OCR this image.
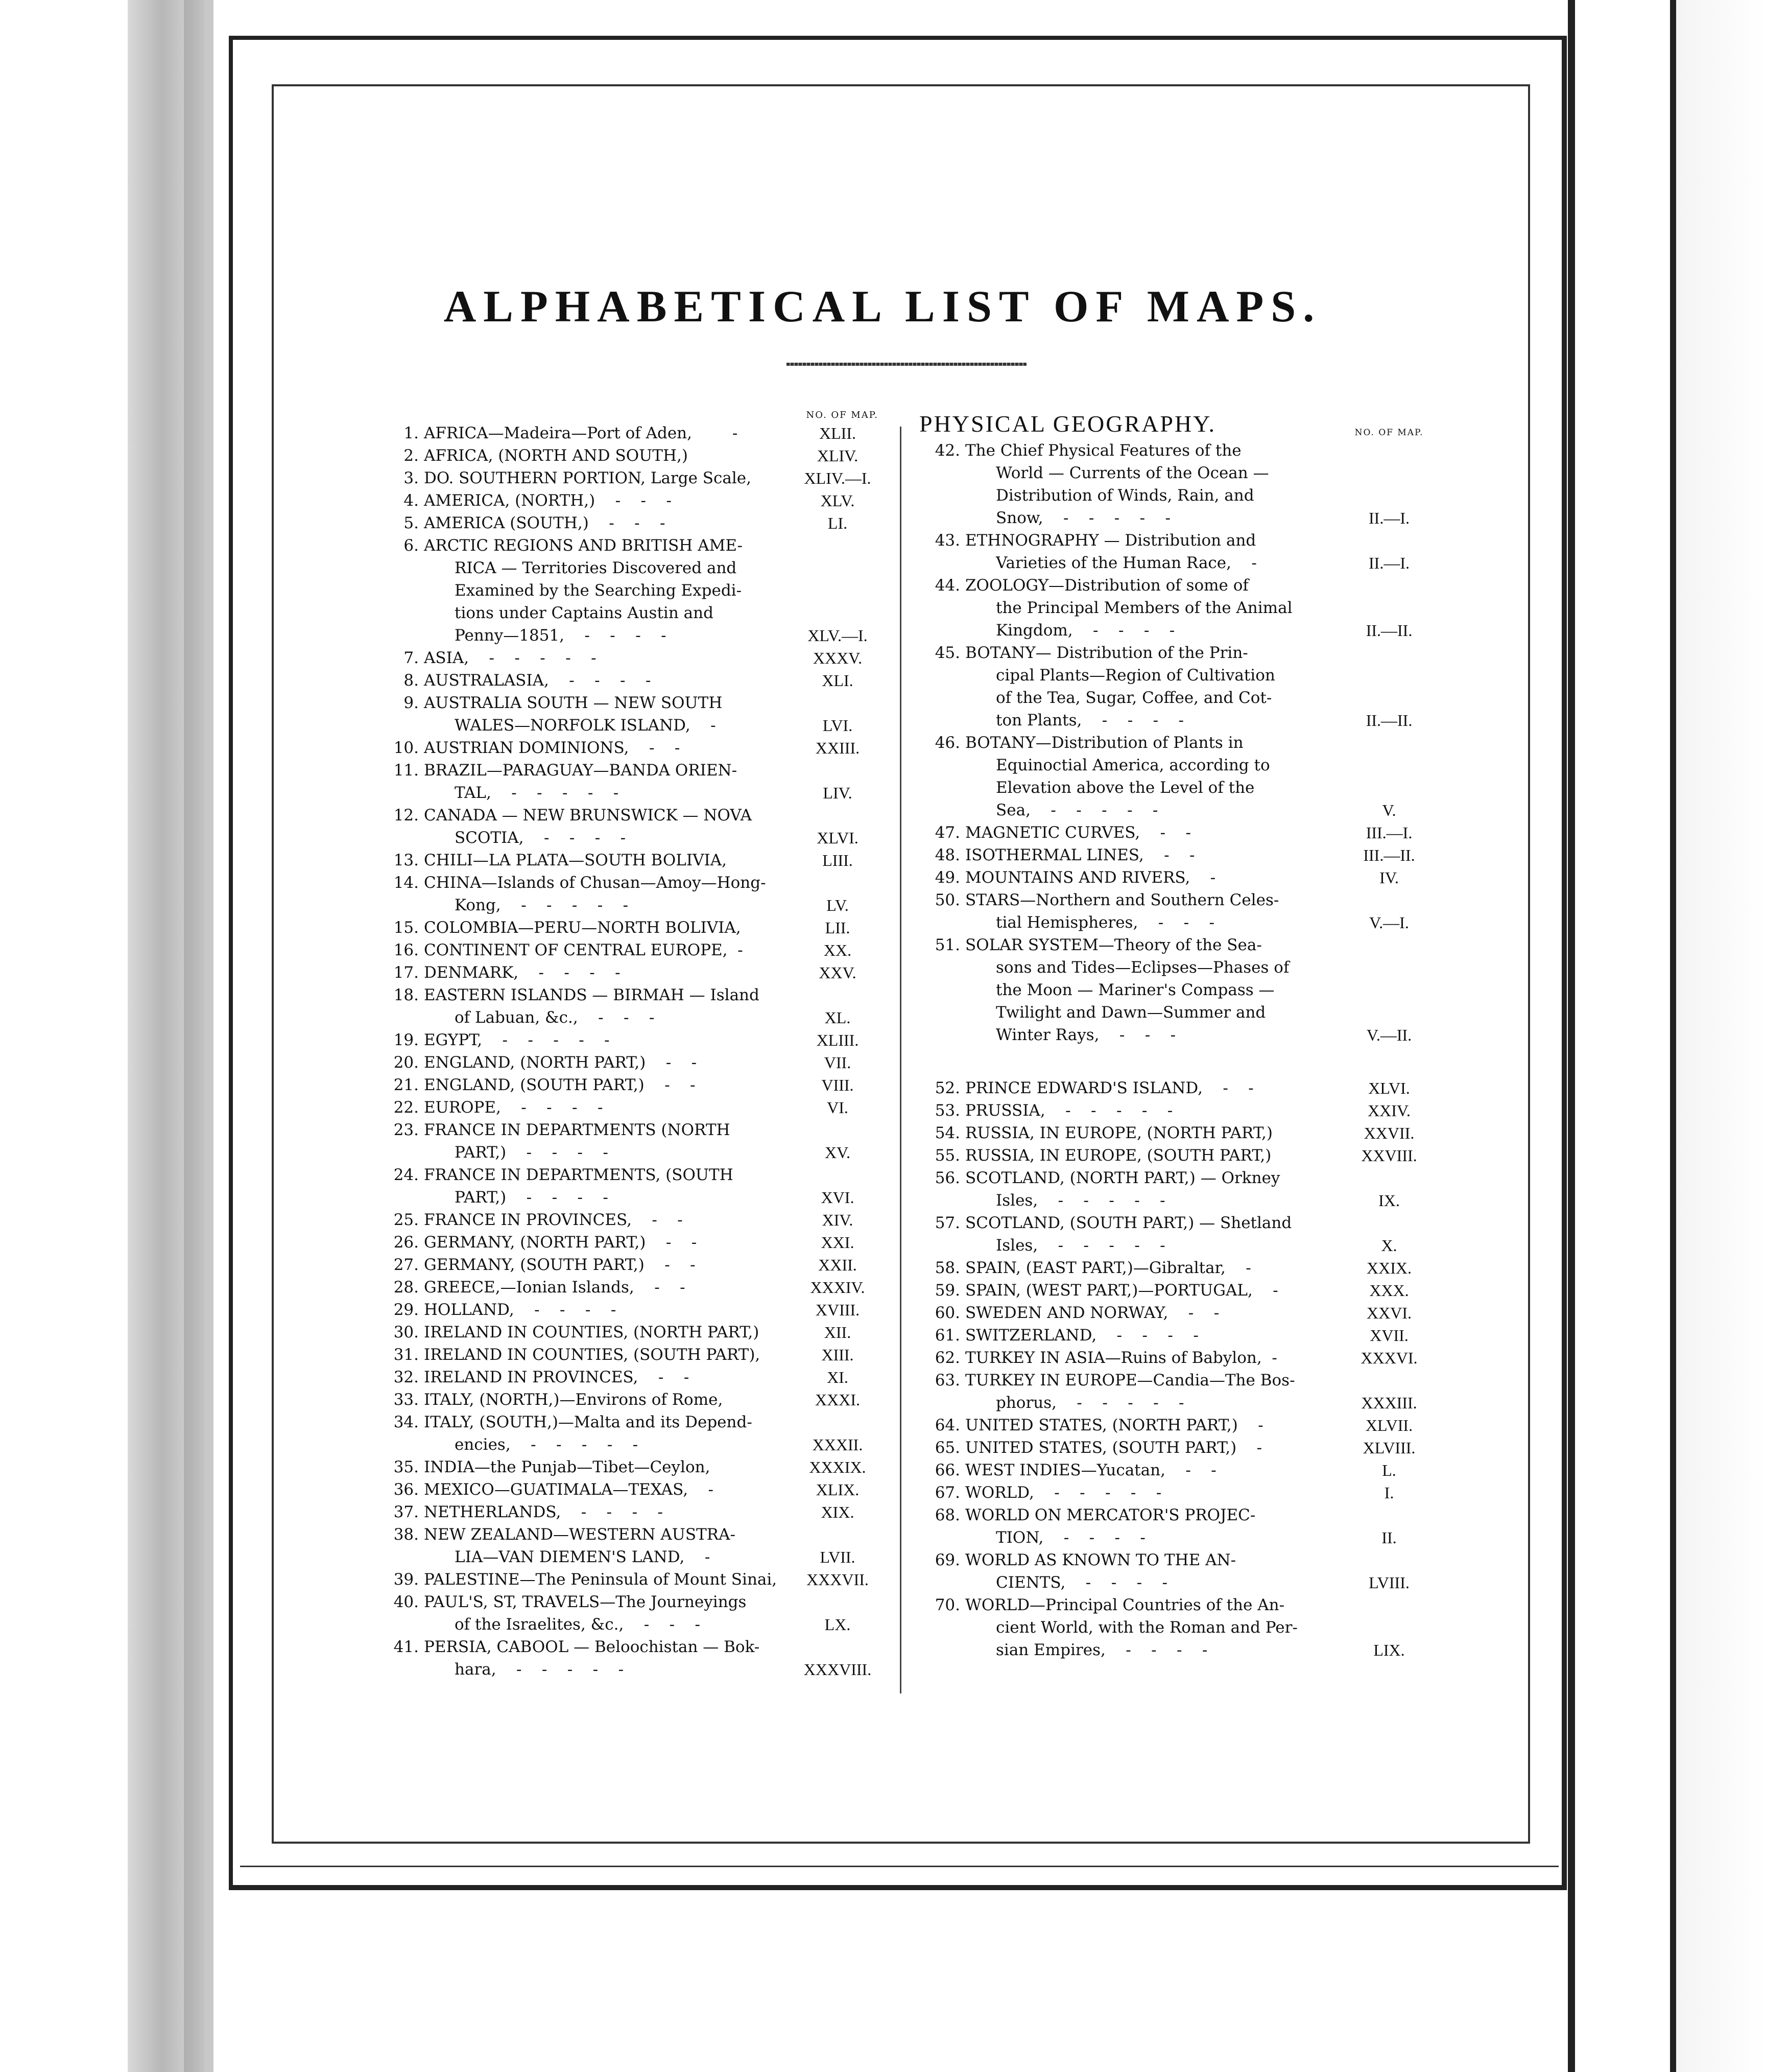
ALPHABETICAL LIST OF MAPS.
NO. OF MAP.
1. AFRICA—Madeira—Port of Aden,        -	XLII.
2. AFRICA, (NORTH AND SOUTH,)	XLIV.
3. DO. SOUTHERN PORTION, Large Scale,	XLIV.—I.
4. AMERICA, (NORTH,)    -    -    -	XLV.
5. AMERICA (SOUTH,)    -    -    -	LI.
6. ARCTIC REGIONS AND BRITISH AME-
RICA — Territories Discovered and
Examined by the Searching Expedi-
tions under Captains Austin and
Penny—1851,    -    -    -    -	XLV.—I.
7. ASIA,    -    -    -    -    -	XXXV.
8. AUSTRALASIA,    -    -    -    -	XLI.
9. AUSTRALIA SOUTH — NEW SOUTH
WALES—NORFOLK ISLAND,    -	LVI.
10. AUSTRIAN DOMINIONS,    -    -	XXIII.
11. BRAZIL—PARAGUAY—BANDA ORIEN-
TAL,    -    -    -    -    -	LIV.
12. CANADA — NEW BRUNSWICK — NOVA
SCOTIA,    -    -    -    -	XLVI.
13. CHILI—LA PLATA—SOUTH BOLIVIA,	LIII.
14. CHINA—Islands of Chusan—Amoy—Hong-
Kong,    -    -    -    -    -	LV.
15. COLOMBIA—PERU—NORTH BOLIVIA,	LII.
16. CONTINENT OF CENTRAL EUROPE,  -	XX.
17. DENMARK,    -    -    -    -	XXV.
18. EASTERN ISLANDS — BIRMAH — Island
of Labuan, &c.,    -    -    -	XL.
19. EGYPT,    -    -    -    -    -	XLIII.
20. ENGLAND, (NORTH PART,)    -    -	VII.
21. ENGLAND, (SOUTH PART,)    -    -	VIII.
22. EUROPE,    -    -    -    -	VI.
23. FRANCE IN DEPARTMENTS (NORTH
PART,)    -    -    -    -	XV.
24. FRANCE IN DEPARTMENTS, (SOUTH
PART,)    -    -    -    -	XVI.
25. FRANCE IN PROVINCES,    -    -	XIV.
26. GERMANY, (NORTH PART,)    -    -	XXI.
27. GERMANY, (SOUTH PART,)    -    -	XXII.
28. GREECE,—Ionian Islands,    -    -	XXXIV.
29. HOLLAND,    -    -    -    -	XVIII.
30. IRELAND IN COUNTIES, (NORTH PART,)	XII.
31. IRELAND IN COUNTIES, (SOUTH PART),	XIII.
32. IRELAND IN PROVINCES,    -    -	XI.
33. ITALY, (NORTH,)—Environs of Rome,	XXXI.
34. ITALY, (SOUTH,)—Malta and its Depend-
encies,    -    -    -    -    -	XXXII.
35. INDIA—the Punjab—Tibet—Ceylon,	XXXIX.
36. MEXICO—GUATIMALA—TEXAS,    -	XLIX.
37. NETHERLANDS,    -    -    -    -	XIX.
38. NEW ZEALAND—WESTERN AUSTRA-
LIA—VAN DIEMEN'S LAND,    -	LVII.
39. PALESTINE—The Peninsula of Mount Sinai,	XXXVII.
40. PAUL'S, ST, TRAVELS—The Journeyings
of the Israelites, &c.,    -    -    -	LX.
41. PERSIA, CABOOL — Beloochistan — Bok-
hara,    -    -    -    -    -	XXXVIII.
PHYSICAL GEOGRAPHY.	NO. OF MAP.
42. The Chief Physical Features of the
World — Currents of the Ocean —
Distribution of Winds, Rain, and
Snow,    -    -    -    -    -	II.—I.
43. ETHNOGRAPHY — Distribution and
Varieties of the Human Race,    -	II.—I.
44. ZOOLOGY—Distribution of some of
the Principal Members of the Animal
Kingdom,    -    -    -    -	II.—II.
45. BOTANY— Distribution of the Prin-
cipal Plants—Region of Cultivation
of the Tea, Sugar, Coffee, and Cot-
ton Plants,    -    -    -    -	II.—II.
46. BOTANY—Distribution of Plants in
Equinoctial America, according to
Elevation above the Level of the
Sea,    -    -    -    -    -	V.
47. MAGNETIC CURVES,    -    -	III.—I.
48. ISOTHERMAL LINES,    -    -	III.—II.
49. MOUNTAINS AND RIVERS,    -	IV.
50. STARS—Northern and Southern Celes-
tial Hemispheres,    -    -    -	V.—I.
51. SOLAR SYSTEM—Theory of the Sea-
sons and Tides—Eclipses—Phases of
the Moon — Mariner's Compass —
Twilight and Dawn—Summer and
Winter Rays,    -    -    -	V.—II.
52. PRINCE EDWARD'S ISLAND,    -    -	XLVI.
53. PRUSSIA,    -    -    -    -    -	XXIV.
54. RUSSIA, IN EUROPE, (NORTH PART,)	XXVII.
55. RUSSIA, IN EUROPE, (SOUTH PART,)	XXVIII.
56. SCOTLAND, (NORTH PART,) — Orkney
Isles,    -    -    -    -    -	IX.
57. SCOTLAND, (SOUTH PART,) — Shetland
Isles,    -    -    -    -    -	X.
58. SPAIN, (EAST PART,)—Gibraltar,    -	XXIX.
59. SPAIN, (WEST PART,)—PORTUGAL,    -	XXX.
60. SWEDEN AND NORWAY,    -    -	XXVI.
61. SWITZERLAND,    -    -    -    -	XVII.
62. TURKEY IN ASIA—Ruins of Babylon,  -	XXXVI.
63. TURKEY IN EUROPE—Candia—The Bos-
phorus,    -    -    -    -    -	XXXIII.
64. UNITED STATES, (NORTH PART,)    -	XLVII.
65. UNITED STATES, (SOUTH PART,)    -	XLVIII.
66. WEST INDIES—Yucatan,    -    -	L.
67. WORLD,    -    -    -    -    -	I.
68. WORLD ON MERCATOR'S PROJEC-
TION,    -    -    -    -	II.
69. WORLD AS KNOWN TO THE AN-
CIENTS,    -    -    -    -	LVIII.
70. WORLD—Principal Countries of the An-
cient World, with the Roman and Per-
sian Empires,    -    -    -    -	LIX.
